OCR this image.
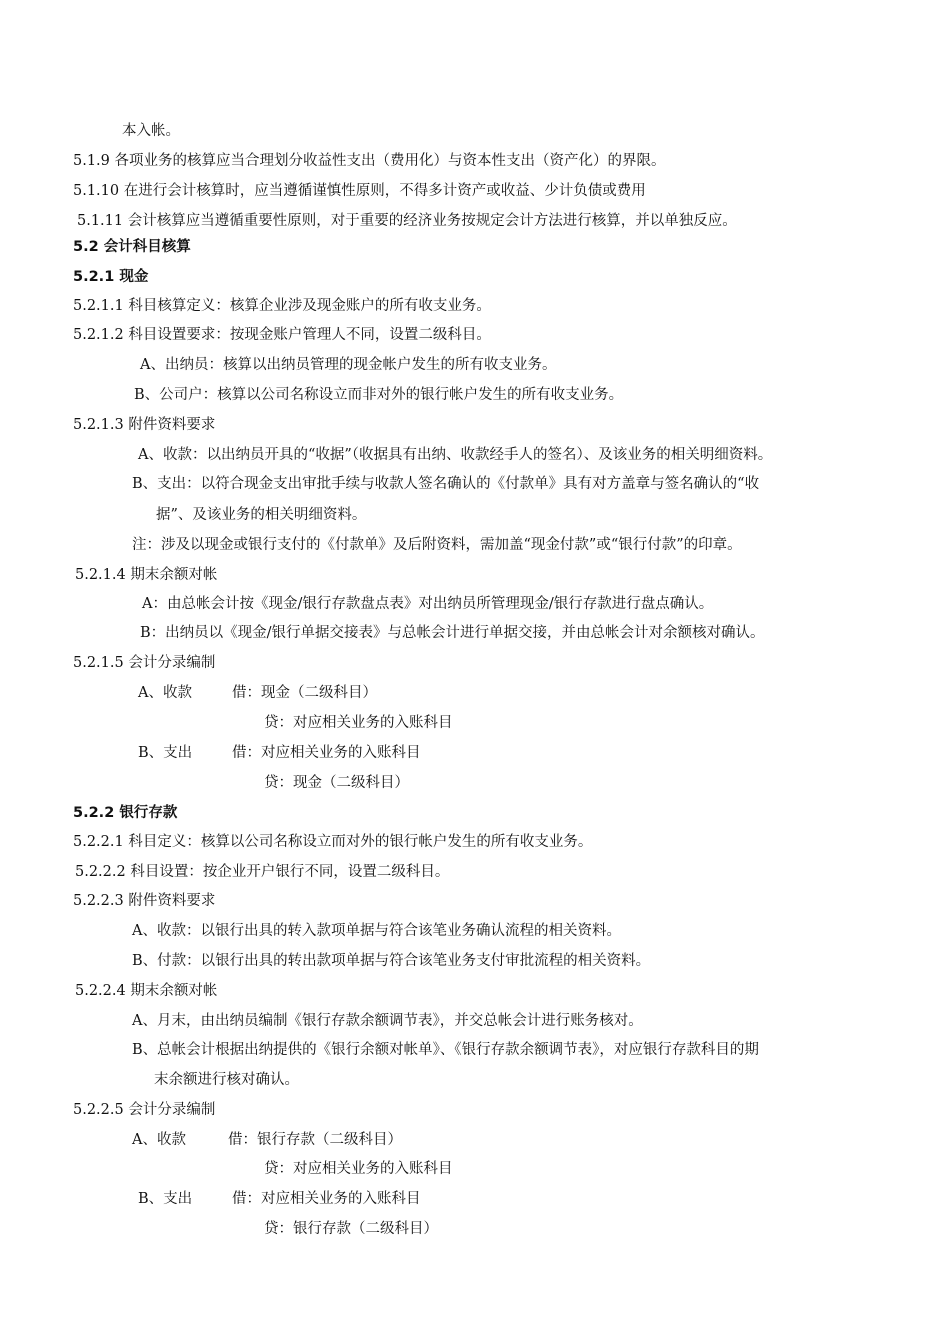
本入帐。
5.1.9 各项业务的核算应当合理划分收益性支出（费用化）与资本性支出（资产化）的界限。
5.1.10 在进行会计核算时，应当遵循谨慎性原则，不得多计资产或收益、少计负债或费用
5.1.11 会计核算应当遵循重要性原则，对于重要的经济业务按规定会计方法进行核算，并以单独反应。
5.2 会计科目核算
5.2.1 现金
5.2.1.1 科目核算定义：核算企业涉及现金账户的所有收支业务。
5.2.1.2 科目设置要求：按现金账户管理人不同，设置二级科目。
A、出纳员：核算以出纳员管理的现金帐户发生的所有收支业务。
B、公司户：核算以公司名称设立而非对外的银行帐户发生的所有收支业务。
5.2.1.3 附件资料要求
A、收款：以出纳员开具的“收据”（收据具有出纳、收款经手人的签名）、及该业务的相关明细资料。
B、支出：以符合现金支出审批手续与收款人签名确认的《付款单》具有对方盖章与签名确认的“收
据”、及该业务的相关明细资料。
注：涉及以现金或银行支付的《付款单》及后附资料，需加盖“现金付款”或“银行付款”的印章。
5.2.1.4 期末余额对帐
A：由总帐会计按《现金/银行存款盘点表》对出纳员所管理现金/银行存款进行盘点确认。
B：出纳员以《现金/银行单据交接表》与总帐会计进行单据交接，并由总帐会计对余额核对确认。
5.2.1.5 会计分录编制
A、收款	借：现金（二级科目）
贷：对应相关业务的入账科目
B、支出	借：对应相关业务的入账科目
贷：现金（二级科目）
5.2.2 银行存款
5.2.2.1 科目定义：核算以公司名称设立而对外的银行帐户发生的所有收支业务。
5.2.2.2 科目设置：按企业开户银行不同，设置二级科目。
5.2.2.3 附件资料要求
A、收款：以银行出具的转入款项单据与符合该笔业务确认流程的相关资料。
B、付款：以银行出具的转出款项单据与符合该笔业务支付审批流程的相关资料。
5.2.2.4 期末余额对帐
A、月末，由出纳员编制《银行存款余额调节表》，并交总帐会计进行账务核对。
B、总帐会计根据出纳提供的《银行余额对帐单》、《银行存款余额调节表》，对应银行存款科目的期
末余额进行核对确认。
5.2.2.5 会计分录编制
A、收款	借：银行存款（二级科目）
贷：对应相关业务的入账科目
B、支出	借：对应相关业务的入账科目
贷：银行存款（二级科目）
